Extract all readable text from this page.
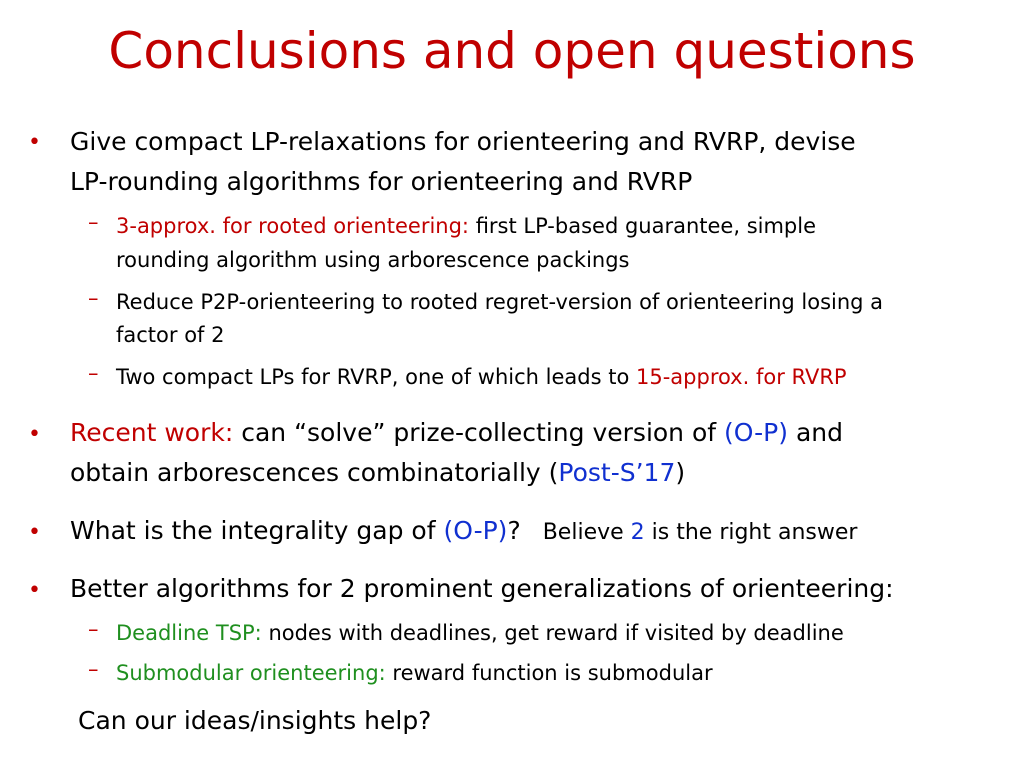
Conclusions and open questions
• Give compact LP-relaxations for orienteering and RVRP, devise
LP-rounding algorithms for orienteering and RVRP
– 3-approx. for rooted orienteering: first LP-based guarantee, simple
rounding algorithm using arborescence packings
– Reduce P2P-orienteering to rooted regret-version of orienteering losing a
factor of 2
– Two compact LPs for RVRP, one of which leads to 15-approx. for RVRP
• Recent work: can “solve” prize-collecting version of (O-P) and
obtain arborescences combinatorially (Post-S’17)
• What is the integrality gap of (O-P)? Believe 2 is the right answer
• Better algorithms for 2 prominent generalizations of orienteering:
– Deadline TSP: nodes with deadlines, get reward if visited by deadline
– Submodular orienteering: reward function is submodular
Can our ideas/insights help?
